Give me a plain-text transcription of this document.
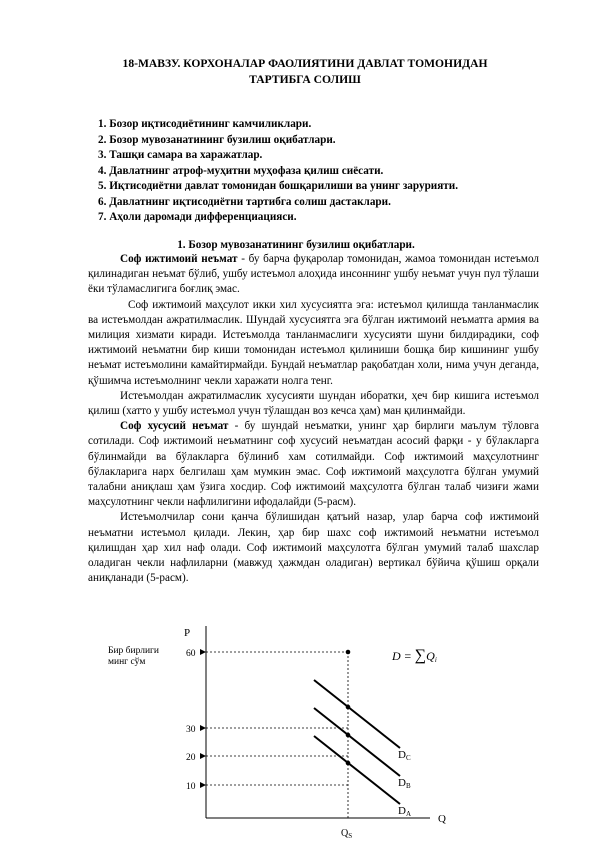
18-МАВЗУ. КОРХОНАЛАР ФАОЛИЯТИНИ ДАВЛАТ ТОМОНИДАН
ТАРТИБГА СОЛИШ
1. Бозор иқтисодиётининг камчиликлари.
2. Бозор мувозанатининг бузилиш оқибатлари.
3. Ташқи самара ва харажатлар.
4. Давлатнинг атроф-муҳитни муҳофаза қилиш сиёсати.
5. Иқтисодиётни давлат томонидан бошқарилиши ва унинг зарурияти.
6. Давлатнинг иқтисодиётни тартибга солиш дастаклари.
7. Аҳоли даромади дифференциацияси.
1. Бозор мувозанатининг бузилиш оқибатлари.

Соф ижтимоий неъмат - бу барча фуқаролар томонидан, жамоа томонидан истеъмол қилинадиган неъмат бўлиб, ушбу истеъмол алоҳида инсоннинг ушбу неъмат учун пул тўлаши ёки тўламаслигига боғлиқ эмас.

Соф ижтимоий маҳсулот икки хил хусусиятга эга: истеъмол қилишда танланмаслик ва истеъмолдан ажратилмаслик. Шундай хусусиятга эга бўлган ижтимоий неъматга армия ва милиция хизмати киради. Истеъмолда танланмаслиги хусусияти шуни билдирадики, соф ижтимоий неъматни бир киши томонидан истеъмол қилиниши бошқа бир кишининг ушбу неъмат истеъмолини камайтирмайди. Бундай неъматлар рақобатдан холи, нима учун деганда, қўшимча истеъмолнинг чекли харажати нолга тенг.

Истеъмолдан ажратилмаслик хусусияти шундан иборатки, ҳеч бир кишига истеъмол қилиш (хатто у ушбу истеъмол учун тўлашдан воз кечса ҳам) ман қилинмайди.

Соф хусусий неъмат - бу шундай неъматки, унинг ҳар бирлиги маълум тўловга сотилади. Соф ижтимоий неъматнинг соф хусусий неъматдан асосий фарқи - у бўлакларга бўлинмайди ва бўлакларга бўлиниб хам сотилмайди. Соф ижтимоий маҳсулотнинг бўлакларига нарх белгилаш ҳам мумкин эмас. Соф ижтимоий маҳсулотга бўлган умумий талабни аниқлаш ҳам ўзига хосдир. Соф ижтимоий маҳсулотга бўлган талаб чизиғи жами маҳсулотнинг чекли нафлилигини ифодалайди (5-расм).

Истеъмолчилар сони қанча бўлишидан қатъий назар, улар барча соф ижтимоий неъматни истеъмол қилади. Лекин, ҳар бир шахс соф ижтимоий неъматни истеъмол қилишдан ҳар хил наф олади. Соф ижтимоий маҳсулотга бўлган умумий талаб шахслар оладиган чекли нафлиларни (мавжуд ҳажмдан оладиган) вертикал бўйича қўшиш орқали аниқланади (5-расм).

P
Q
Бир бирлиги
минг сўм
60
30
20
10
DC
DB
DA
D = ∑Qi
$Q_S$
